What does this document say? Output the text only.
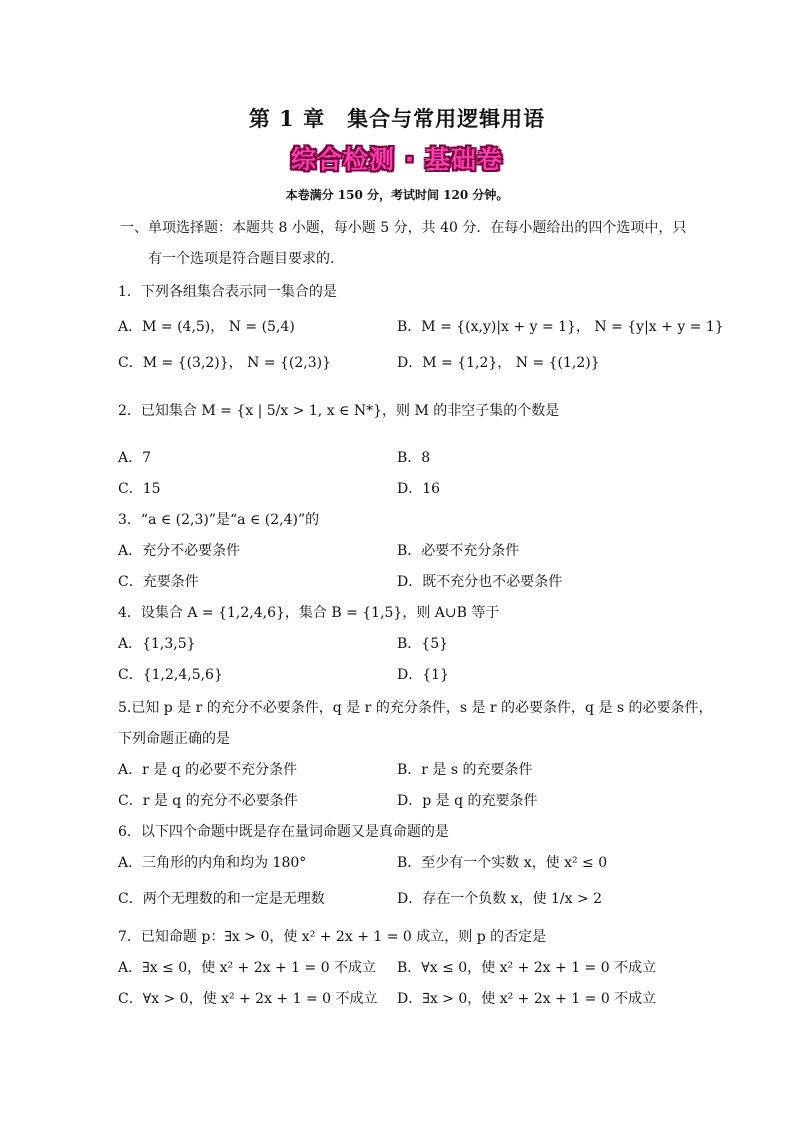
第 1 章　集合与常用逻辑用语
综合检测 · 基础卷
本卷满分 150 分，考试时间 120 分钟。
一、单项选择题：本题共 8 小题，每小题 5 分，共 40 分．在每小题给出的四个选项中，只
有一个选项是符合题目要求的.
1．下列各组集合表示同一集合的是
A．M = (4,5)， N = (5,4)	B．M = {(x,y)|x + y = 1}， N = {y|x + y = 1}
C．M = {(3,2)}， N = {(2,3)}	D．M = {1,2}， N = {(1,2)}
2．已知集合 M = {x | 5/x > 1, x ∈ N*}，则 M 的非空子集的个数是
A．7	B．8
C．15	D．16
3．“a ∈ (2,3)”是“a ∈ (2,4)”的
A．充分不必要条件	B．必要不充分条件
C．充要条件	D．既不充分也不必要条件
4．设集合 A = {1,2,4,6}，集合 B = {1,5}，则 A∪B 等于
A．{1,3,5}	B．{5}
C．{1,2,4,5,6}	D．{1}
5.已知 p 是 r 的充分不必要条件，q 是 r 的充分条件，s 是 r 的必要条件，q 是 s 的必要条件，
下列命题正确的是
A．r 是 q 的必要不充分条件	B．r 是 s 的充要条件
C．r 是 q 的充分不必要条件	D．p 是 q 的充要条件
6．以下四个命题中既是存在量词命题又是真命题的是
A．三角形的内角和均为 180°	B．至少有一个实数 x，使 x² ≤ 0
C．两个无理数的和一定是无理数	D．存在一个负数 x，使 1/x > 2
7．已知命题 p：∃x > 0，使 x² + 2x + 1 = 0 成立，则 p 的否定是
A．∃x ≤ 0，使 x² + 2x + 1 = 0 不成立 B．∀x ≤ 0，使 x² + 2x + 1 = 0 不成立
C．∀x > 0，使 x² + 2x + 1 = 0 不成立 D．∃x > 0，使 x² + 2x + 1 = 0 不成立
